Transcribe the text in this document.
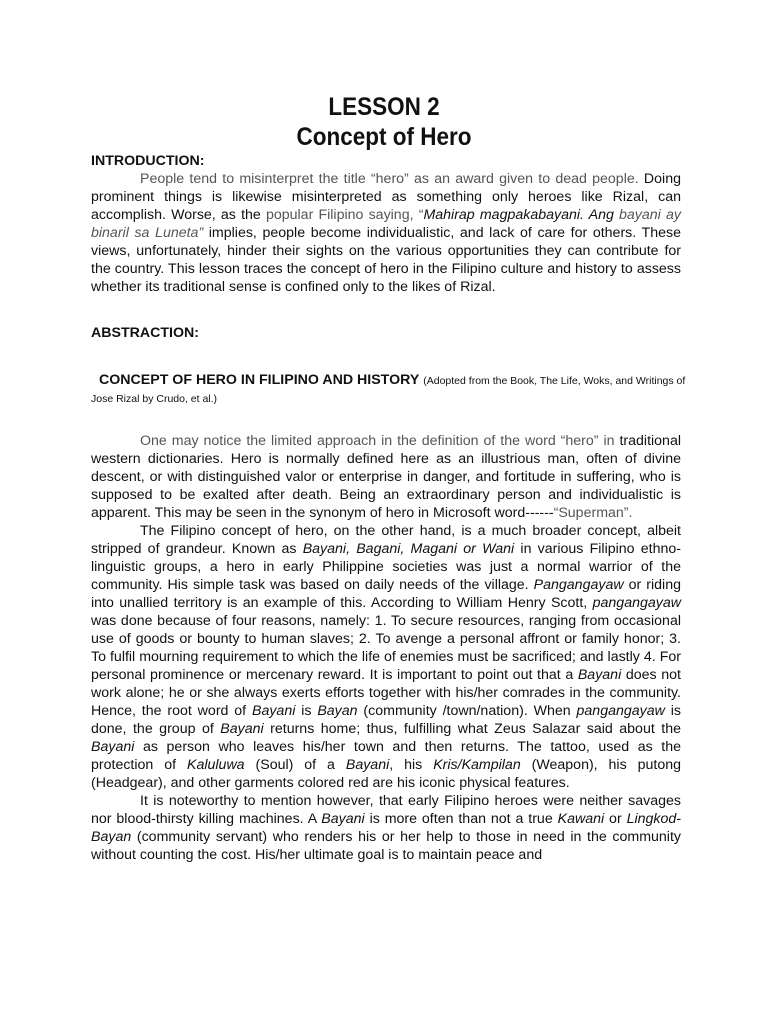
LESSON 2
Concept of Hero
INTRODUCTION:

People tend to misinterpret the title “hero” as an award given to dead people. Doing prominent things is likewise misinterpreted as something only heroes like Rizal, can accomplish. Worse, as the popular Filipino saying, “Mahirap magpakabayani. Ang bayani ay binaril sa Luneta” implies, people become individualistic, and lack of care for others. These views, unfortunately, hinder their sights on the various opportunities they can contribute for the country. This lesson traces the concept of hero in the Filipino culture and history to assess whether its traditional sense is confined only to the likes of Rizal.

ABSTRACTION:
CONCEPT OF HERO IN FILIPINO AND HISTORY (Adopted from the Book, The Life, Woks, and Writings of Jose Rizal by Crudo, et al.)

One may notice the limited approach in the definition of the word “hero” in traditional western dictionaries. Hero is normally defined here as an illustrious man, often of divine descent, or with distinguished valor or enterprise in danger, and fortitude in suffering, who is supposed to be exalted after death. Being an extraordinary person and individualistic is apparent. This may be seen in the synonym of hero in Microsoft word------“Superman”.

The Filipino concept of hero, on the other hand, is a much broader concept, albeit stripped of grandeur. Known as Bayani, Bagani, Magani or Wani in various Filipino ethno-linguistic groups, a hero in early Philippine societies was just a normal warrior of the community. His simple task was based on daily needs of the village. Pangangayaw or riding into unallied territory is an example of this. According to William Henry Scott, pangangayaw was done because of four reasons, namely: 1. To secure resources, ranging from occasional use of goods or bounty to human slaves; 2. To avenge a personal affront or family honor; 3. To fulfil mourning requirement to which the life of enemies must be sacrificed; and lastly 4. For personal prominence or mercenary reward. It is important to point out that a Bayani does not work alone; he or she always exerts efforts together with his/her comrades in the community. Hence, the root word of Bayani is Bayan (community /town/nation). When pangangayaw is done, the group of Bayani returns home; thus, fulfilling what Zeus Salazar said about the Bayani as person who leaves his/her town and then returns. The tattoo, used as the protection of Kaluluwa (Soul) of a Bayani, his Kris/Kampilan (Weapon), his putong (Headgear), and other garments colored red are his iconic physical features.

It is noteworthy to mention however, that early Filipino heroes were neither savages nor blood-thirsty killing machines. A Bayani is more often than not a true Kawani or Lingkod-Bayan (community servant) who renders his or her help to those in need in the community without counting the cost. His/her ultimate goal is to maintain peace and
